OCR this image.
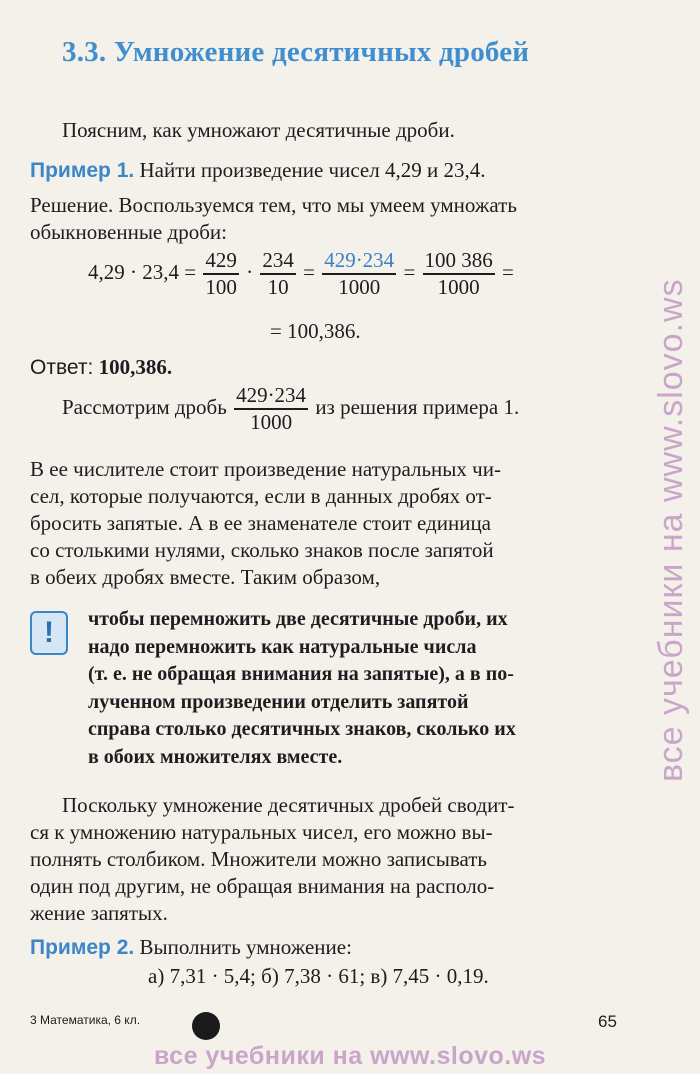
3.3. Умножение десятичных дробей
Поясним, как умножают десятичные дроби.
Пример 1. Найти произведение чисел 4,29 и 23,4.
Решение. Воспользуемся тем, что мы умеем умножать
обыкновенные дроби:
$4,29 \cdot 23,4 = \frac{429}{100} \cdot \frac{234}{10} = \frac{429\cdot 234}{1000} = \frac{100 386}{1000}$ =
= 100,386.
Ответ: 100,386.
Рассмотрим дробь $\frac{429\cdot 234}{1000}$ из решения примера 1.
В ее числителе стоит произведение натуральных чи-
сел, которые получаются, если в данных дробях от-
бросить запятые. А в ее знаменателе стоит единица
со столькими нулями, сколько знаков после запятой
в обеих дробях вместе. Таким образом,
!	чтобы перемножить две десятичные дроби, их

надо перемножить как натуральные числа

(т. е. не обращая внимания на запятые), а в по-

лученном произведении отделить запятой

справа столько десятичных знаков, сколько их

в обоих множителях вместе.

Поскольку умножение десятичных дробей сводит-
ся к умножению натуральных чисел, его можно вы-
полнять столбиком. Множители можно записывать
один под другим, не обращая внимания на располо-
жение запятых.
Пример 2. Выполнить умножение:
а) 7,31 · 5,4; б) 7,38 · 61; в) 7,45 · 0,19.
3 Математика, 6 кл.	65
все учебники на www.slovo.ws
все учебники на www.slovo.ws
